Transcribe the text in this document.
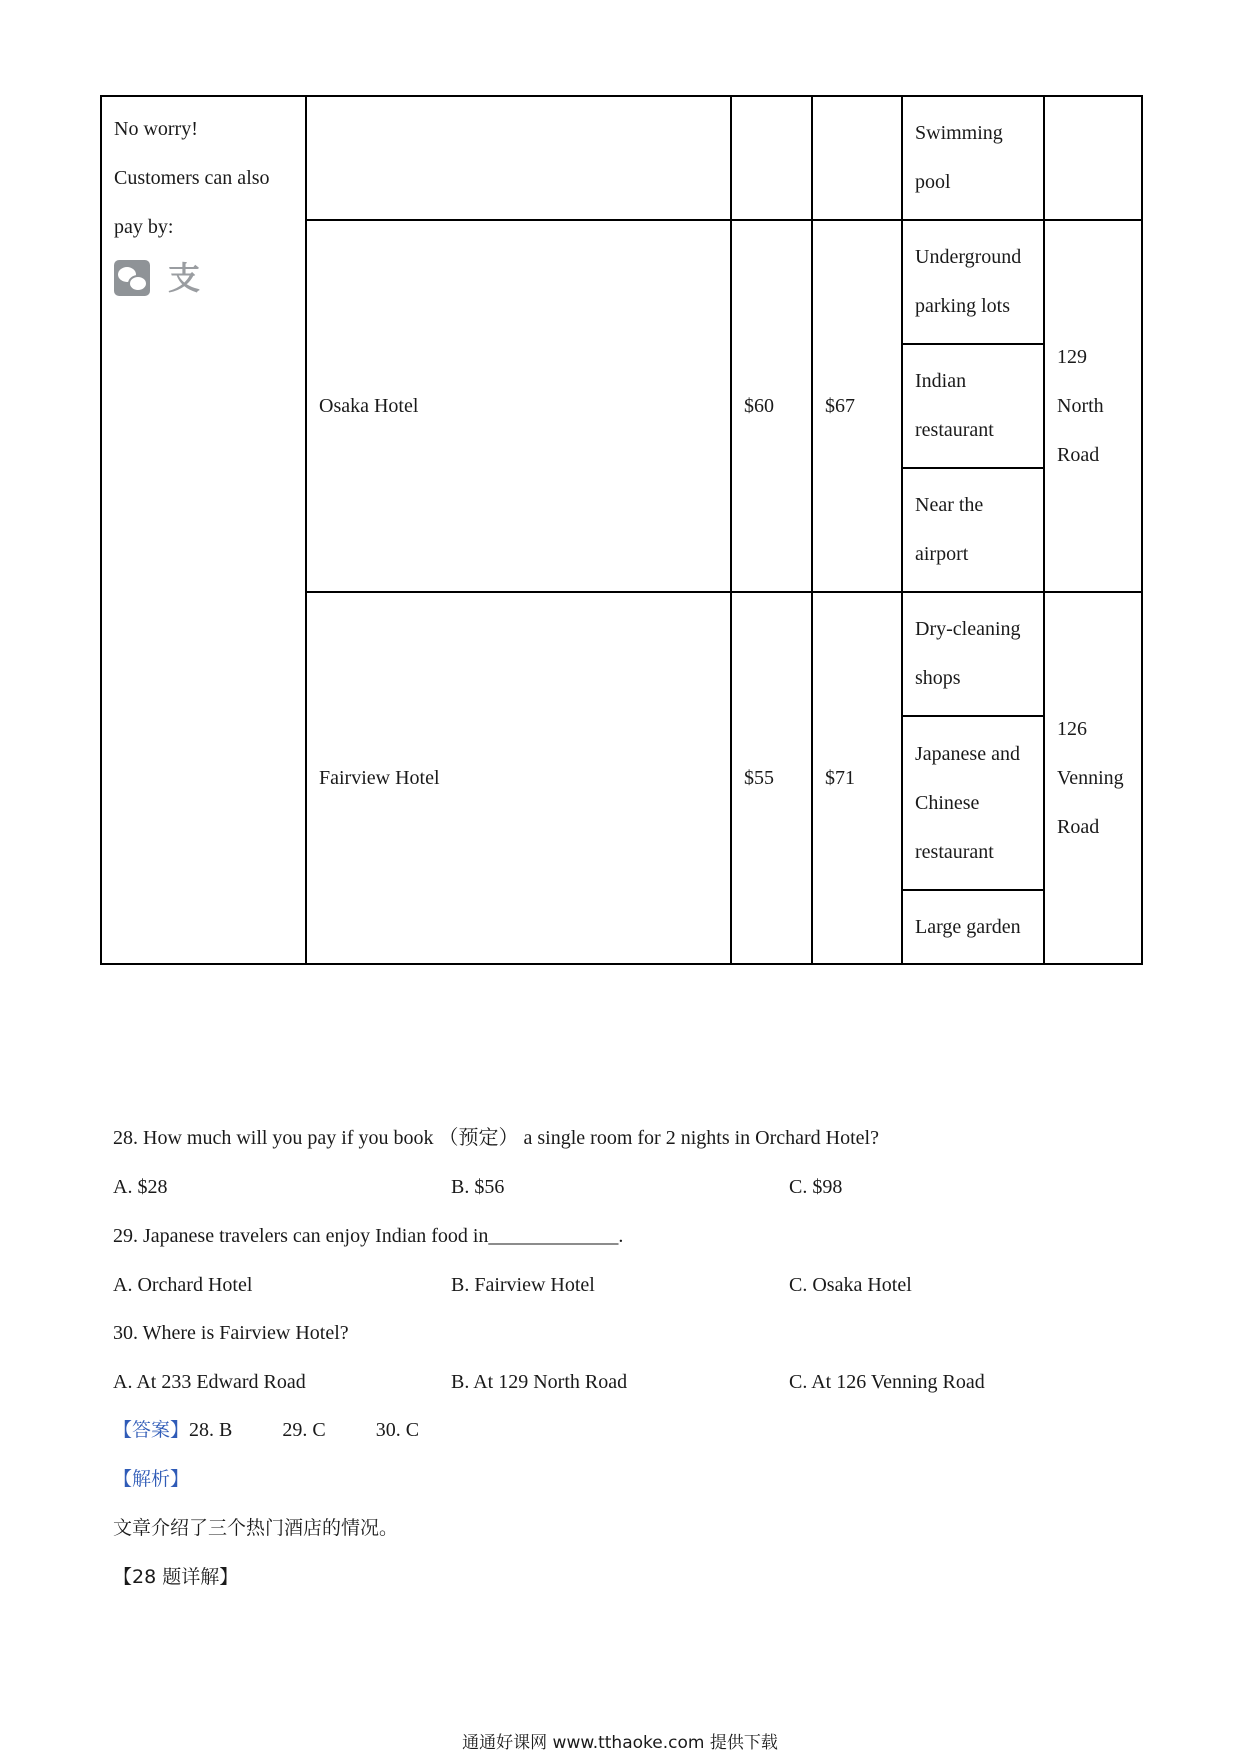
No worry!
Customers can also
pay by:
支				Swimming pool	
	Osaka Hotel	$60	$67	Underground parking lots	129 North Road
				Indian restaurant	
				Near the airport	
	Fairview Hotel	$55	$71	Dry-cleaning shops	126 Venning Road
				Japanese and Chinese restaurant	
				Large garden	
28. How much will you pay if you book （预定） a single room for 2 nights in Orchard Hotel?
A. $28	B. $56	C. $98
29. Japanese travelers can enjoy Indian food in_____________.
A. Orchard Hotel	B. Fairview Hotel	C. Osaka Hotel
30. Where is Fairview Hotel?
A. At 233 Edward Road	B. At 129 North Road	C. At 126 Venning Road
【答案】28. B	29. C	30. C
【解析】
文章介绍了三个热门酒店的情况。
【28 题详解】
通通好课网 www.tthaoke.com 提供下载
